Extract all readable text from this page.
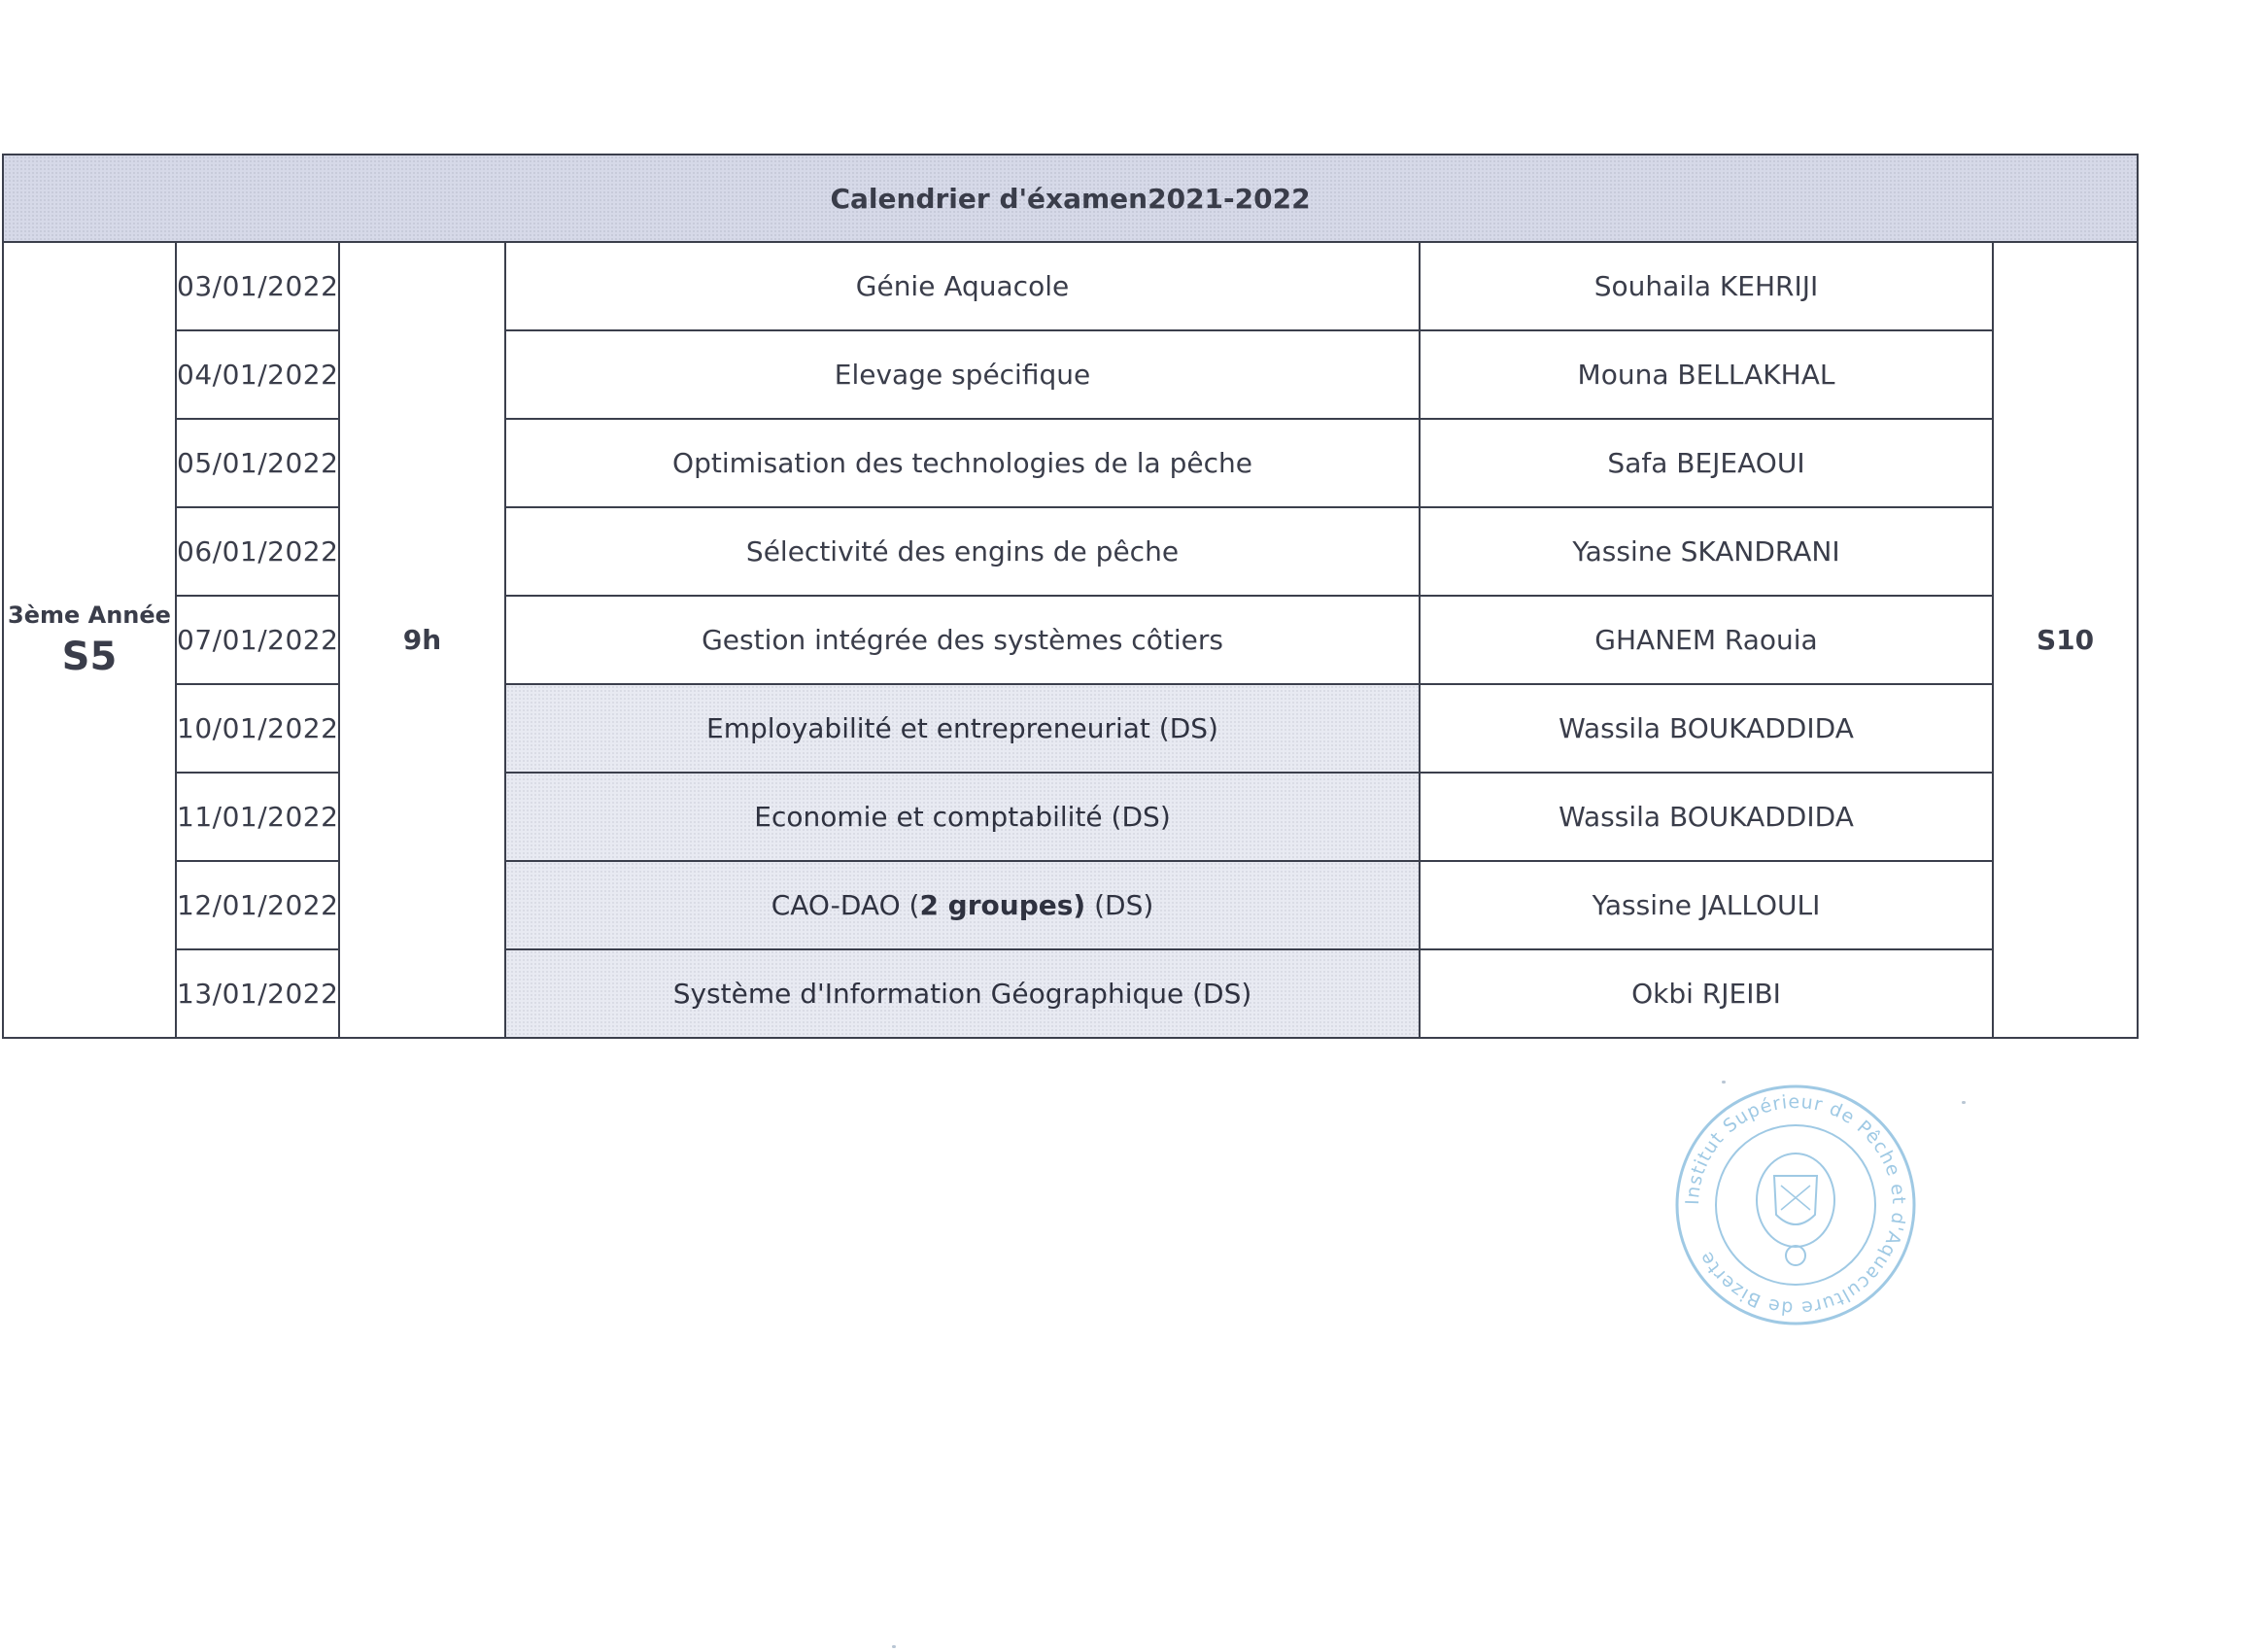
Calendrier d'éxamen2021-2022					

3ème Année
S5	03/01/2022	9h	Génie Aquacole	Souhaila KEHRIJI	S10
	04/01/2022		Elevage spécifique	Mouna BELLAKHAL	
	05/01/2022		Optimisation des technologies de la pêche	Safa BEJEAOUI	
	06/01/2022		Sélectivité des engins de pêche	Yassine SKANDRANI	
	07/01/2022		Gestion intégrée des systèmes côtiers	GHANEM Raouia	
	10/01/2022		Employabilité et entrepreneuriat (DS)	Wassila BOUKADDIDA	
	11/01/2022		Economie et comptabilité (DS)	Wassila BOUKADDIDA	
	12/01/2022		CAO-DAO (2 groupes) (DS)	Yassine JALLOULI	
	13/01/2022		Système d'Information Géographique (DS)	Okbi RJEIBI	
Institut Supérieur de Pêche et d'Aquaculture de Bizerte
